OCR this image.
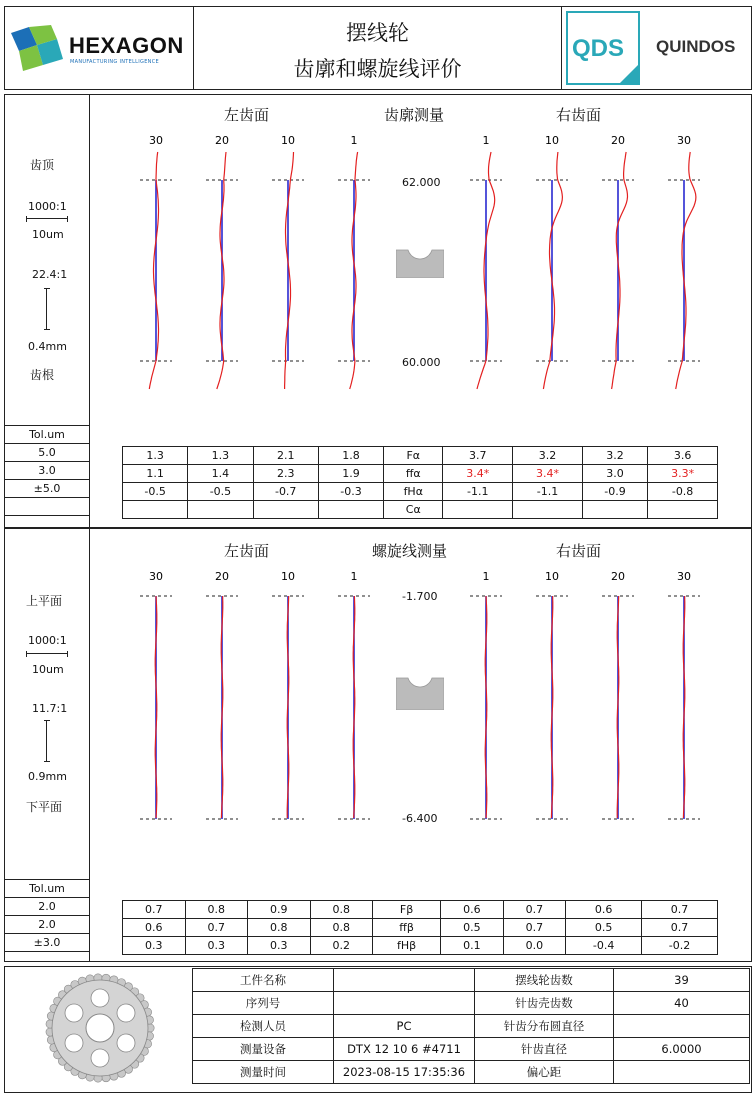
HEXAGON
MANUFACTURING INTELLIGENCE
摆线轮
齿廓和螺旋线评价
QDS QUINDOS
齿顶
1000:1
10um
22.4:1
0.4mm
齿根
左齿面	齿廓测量	右齿面
62.000
60.000
30	20	10	1	1	10	20	30
Tol.um
5.0
3.0
±5.0

1.3	1.3	2.1	1.8	Fα	3.7	3.2	3.2	3.6
1.1	1.4	2.3	1.9	ffα	3.4*	3.4*	3.0	3.3*
-0.5	-0.5	-0.7	-0.3	fHα	-1.1	-1.1	-0.9	-0.8
				Cα				
上平面
1000:1
10um
11.7:1
0.9mm
下平面
左齿面	螺旋线测量	右齿面
-1.700
-6.400
30	20	10	1	1	10	20	30
Tol.um
2.0
2.0
±3.0
0.7	0.8	0.9	0.8	Fβ	0.6	0.7	0.6	0.7
0.6	0.7	0.8	0.8	ffβ	0.5	0.7	0.5	0.7
0.3	0.3	0.3	0.2	fHβ	0.1	0.0	-0.4	-0.2
工件名称		摆线轮齿数	39
序列号		针齿壳齿数	40
检测人员	PC	针齿分布圆直径	
测量设备	DTX 12 10 6 #4711	针齿直径	6.0000
测量时间	2023-08-15 17:35:36	偏心距	
